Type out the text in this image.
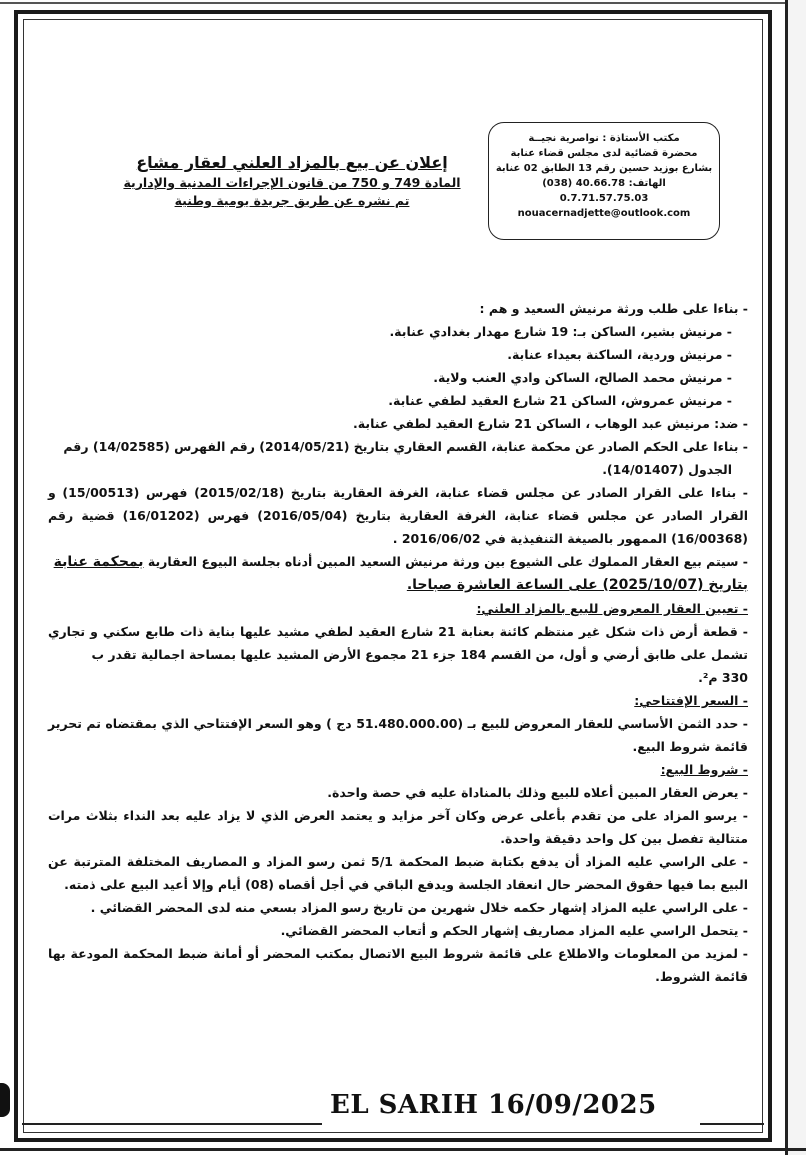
مكتب الأستاذة : نواصرية نجيــة
محضرة قضائية لدى مجلس قضاء عنابة
بشارع بوزيد حسين رقم 13 الطابق 02 عنابة
الهاتف: 40.66.78 (038)
0.7.71.57.75.03
nouacernadjette@outlook.com
إعلان عن بيع بالمزاد العلني لعقار مشاع
المادة 749 و 750 من قانون الإجراءات المدنية والإدارية
تم نشره عن طريق جريدة يومية وطنية

- بناءا على طلب ورثة مرنيش السعيد و هم :

- مرنيش بشير، الساكن بـ: 19 شارع مهدار بغدادي عنابة.

- مرنيش وردية، الساكنة بعيداء عنابة.

- مرنيش محمد الصالح، الساكن وادي العنب ولاية.

- مرنيش عمروش، الساكن 21 شارع العقيد لطفي عنابة.

- ضد: مرنيش عبد الوهاب ، الساكن 21 شارع العقيد لطفي عنابة.

- بناءا على الحكم الصادر عن محكمة عنابة، القسم العقاري بتاريخ (2014/05/21) رقم الفهرس (14/02585) رقم

الجدول (14/01407).

- بناءا على القرار الصادر عن مجلس قضاء عنابة، الغرفة العقارية بتاريخ (2015/02/18) فهرس (15/00513) و القرار الصادر عن مجلس قضاء عنابة، الغرفة العقارية بتاريخ (2016/05/04) فهرس (16/01202) قضية رقم (16/00368) الممهور بالصيغة التنفيذية في 2016/06/02 .

- سيتم بيع العقار المملوك على الشيوع بين ورثة مرنيش السعيد المبين أدناه بجلسة البيوع العقارية بمحكمة عنابة

بتاريخ (2025/10/07) على الساعة العاشرة صباحا.

- تعيين العقار المعروض للبيع بالمزاد العلني:

- قطعة أرض ذات شكل غير منتظم كائنة بعنابة 21 شارع العقيد لطفي مشيد عليها بناية ذات طابع سكني و تجاري تشمل على طابق أرضي و أول، من القسم 184 جزء 21 مجموع الأرض المشيد عليها بمساحة اجمالية تقدر ب

330 م².

- السعر الإفتتاحي:

- حدد الثمن الأساسي للعقار المعروض للبيع بـ (51.480.000.00 دج ) وهو السعر الإفتتاحي الذي بمقتضاه تم تحرير قائمة شروط البيع.

- شروط البيع:

- يعرض العقار المبين أعلاه للبيع وذلك بالمناداة عليه في حصة واحدة.

- يرسو المزاد على من تقدم بأعلى عرض وكان آخر مزايد و يعتمد العرض الذي لا يزاد عليه بعد النداء بثلاث مرات متتالية تفصل بين كل واحد دقيقة واحدة.

- على الراسي عليه المزاد أن يدفع بكتابة ضبط المحكمة 5/1 ثمن رسو المزاد و المصاريف المختلفة المترتبة عن البيع بما فيها حقوق المحضر حال انعقاد الجلسة ويدفع الباقي في أجل أقصاه (08) أيام وإلا أعيد البيع على ذمته.

- على الراسي عليه المزاد إشهار حكمه خلال شهرين من تاريخ رسو المزاد بسعي منه لدى المحضر القضائي .

- يتحمل الراسي عليه المزاد مصاريف إشهار الحكم و أتعاب المحضر القضائي.

- لمزيد من المعلومات والاطلاع على قائمة شروط البيع الاتصال بمكتب المحضر أو أمانة ضبط المحكمة المودعة بها قائمة الشروط.

EL SARIH 16/09/2025
